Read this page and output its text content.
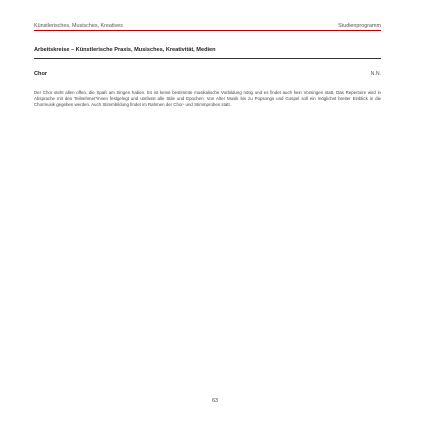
Künstlerisches, Musisches, Kreatives	Studienprogramm
Arbeitskreise – Künstlerische Praxis, Musisches, Kreativität, Medien
Chor	N.N.

Der Chor steht allen offen, die Spaß am Singen haben. Es ist keine bestimmte musikalische Vorbildung nötig und es findet auch kein Vorsingen statt. Das Repertoire wird in Absprache mit den Teilnehmer*innen festgelegt und umfasst alle Stile und Epochen: Von Alter Musik bis zu Popsongs und Gospel soll ein möglichst breiter Einblick in die Chormusik gegeben werden. Auch Stimmbildung findet im Rahmen der Chor- und Stimmproben statt.

63
